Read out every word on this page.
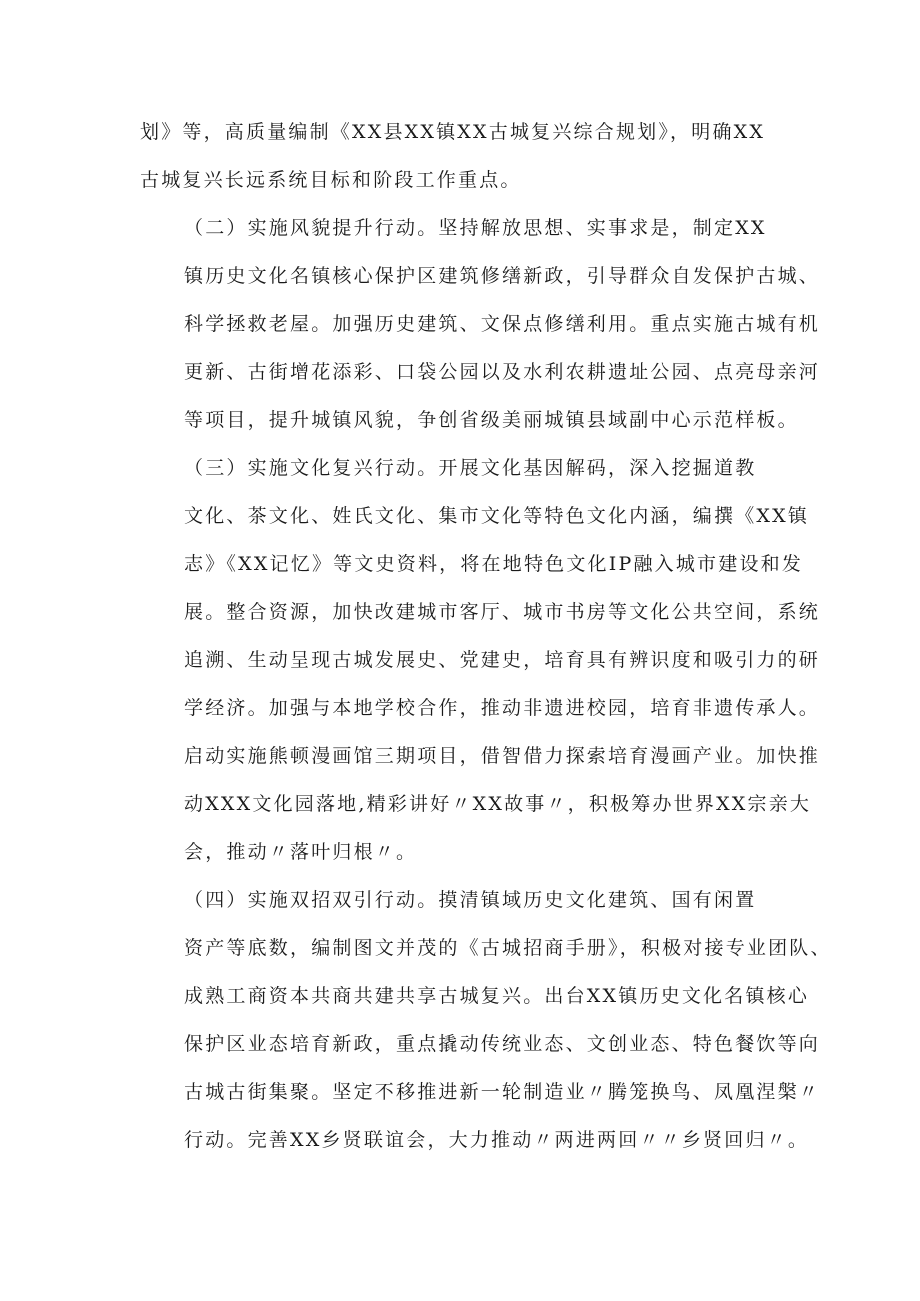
划》等，高质量编制《XX县XX镇XX古城复兴综合规划》，明确XX
古城复兴长远系统目标和阶段工作重点。

（二）实施风貌提升行动。坚持解放思想、实事求是，制定XX
镇历史文化名镇核心保护区建筑修缮新政，引导群众自发保护古城、
科学拯救老屋。加强历史建筑、文保点修缮利用。重点实施古城有机
更新、古街增花添彩、口袋公园以及水利农耕遗址公园、点亮母亲河
等项目，提升城镇风貌，争创省级美丽城镇县域副中心示范样板。

（三）实施文化复兴行动。开展文化基因解码，深入挖掘道教
文化、茶文化、姓氏文化、集市文化等特色文化内涵，编撰《XX镇
志》《XX记忆》等文史资料，将在地特色文化IP融入城市建设和发
展。整合资源，加快改建城市客厅、城市书房等文化公共空间，系统
追溯、生动呈现古城发展史、党建史，培育具有辨识度和吸引力的研
学经济。加强与本地学校合作，推动非遗进校园，培育非遗传承人。
启动实施熊顿漫画馆三期项目，借智借力探索培育漫画产业。加快推
动XXX文化园落地,精彩讲好〃XX故事〃，积极筹办世界XX宗亲大
会，推动〃落叶归根〃。

（四）实施双招双引行动。摸清镇域历史文化建筑、国有闲置
资产等底数，编制图文并茂的《古城招商手册》，积极对接专业团队、
成熟工商资本共商共建共享古城复兴。出台XX镇历史文化名镇核心
保护区业态培育新政，重点撬动传统业态、文创业态、特色餐饮等向
古城古街集聚。坚定不移推进新一轮制造业〃腾笼换鸟、凤凰涅槃〃
行动。完善XX乡贤联谊会，大力推动〃两进两回〃〃乡贤回归〃。
